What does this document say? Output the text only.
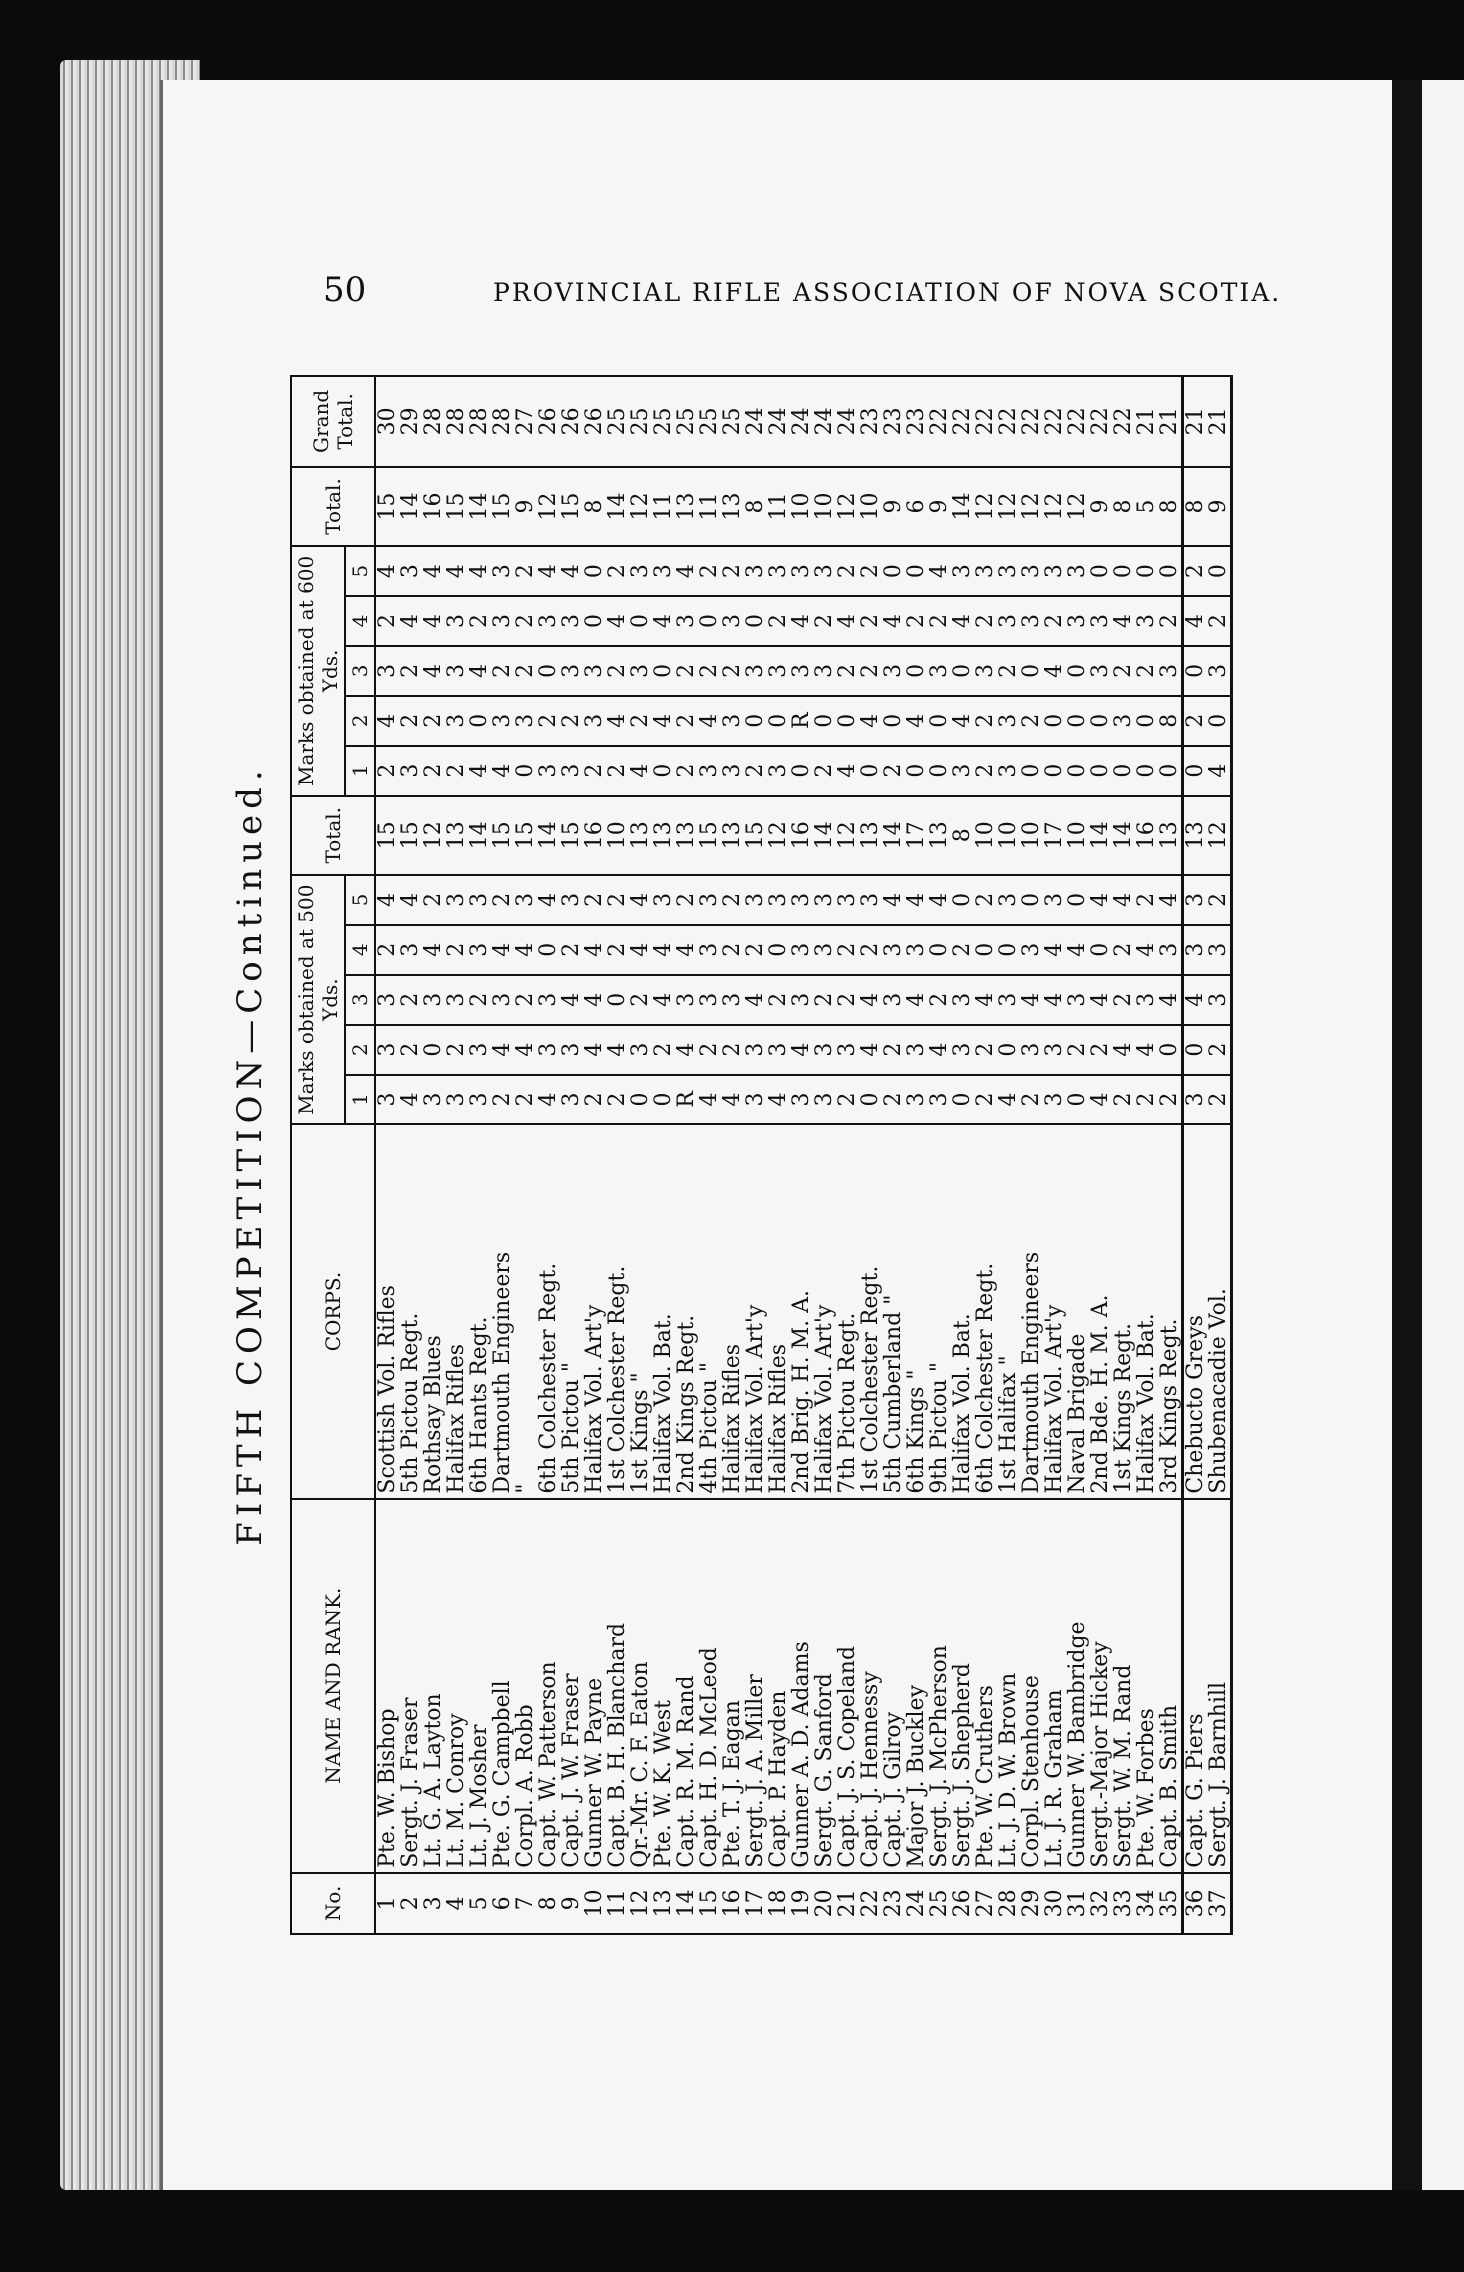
50	PROVINCIAL RIFLE ASSOCIATION OF NOVA SCOTIA.
FIFTH COMPETITION—Continued.
No.	NAME AND RANK.	CORPS.	Marks obtained at 500 Yds.					Total.	Marks obtained at 600 Yds.					Total.	Grand Total.
			1	2	3	4	5		1	2	3	4	5		
1	Pte. W. Bishop	Scottish Vol. Rifles	3	3	3	2	4	15	2	4	3	2	4	15	30
2	Sergt. J. Fraser	5th Pictou Regt.	4	2	2	3	4	15	3	2	2	4	3	14	29
3	Lt. G. A. Layton	Rothsay Blues	3	0	3	4	2	12	2	2	4	4	4	16	28
4	Lt. M. Conroy	Halifax Rifles	3	2	3	2	3	13	2	3	3	3	4	15	28
5	Lt. J. Mosher	6th Hants Regt.	3	3	2	3	3	14	4	0	4	2	4	14	28
6	Pte. G. Campbell	Dartmouth Engineers	2	4	3	4	2	15	4	3	2	3	3	15	28
7	Corpl. A. Robb	"	2	4	2	4	3	15	0	3	2	2	2	9	27
8	Capt. W. Patterson	6th Colchester Regt.	4	3	3	0	4	14	3	2	0	3	4	12	26
9	Capt. J. W. Fraser	5th Pictou "	3	3	4	2	3	15	3	2	3	3	4	15	26
10	Gunner W. Payne	Halifax Vol. Art'y	2	4	4	4	2	16	2	3	3	0	0	8	26
11	Capt. B. H. Blanchard	1st Colchester Regt.	2	4	0	2	2	10	2	4	2	4	2	14	25
12	Qr.-Mr. C. F. Eaton	1st Kings "	0	3	2	4	4	13	4	2	3	0	3	12	25
13	Pte. W. K. West	Halifax Vol. Bat.	0	2	4	4	3	13	0	4	0	4	3	11	25
14	Capt. R. M. Rand	2nd Kings Regt.	R	4	3	4	2	13	2	2	2	3	4	13	25
15	Capt. H. D. McLeod	4th Pictou "	4	2	3	3	3	15	3	4	2	0	2	11	25
16	Pte. T. J. Eagan	Halifax Rifles	4	2	3	2	2	13	3	3	2	3	2	13	25
17	Sergt. J. A. Miller	Halifax Vol. Art'y	3	3	4	2	3	15	2	0	3	0	3	8	24
18	Capt. P. Hayden	Halifax Rifles	4	3	2	0	3	12	3	0	3	2	3	11	24
19	Gunner A. D. Adams	2nd Brig. H. M. A.	3	4	3	3	3	16	0	R	3	4	3	10	24
20	Sergt. G. Sanford	Halifax Vol. Art'y	3	3	2	3	3	14	2	0	3	2	3	10	24
21	Capt. J. S. Copeland	7th Pictou Regt.	2	3	2	2	3	12	4	0	2	4	2	12	24
22	Capt. J. Hennessy	1st Colchester Regt.	0	4	4	2	3	13	0	4	2	2	2	10	23
23	Capt. J. Gilroy	5th Cumberland "	2	2	3	3	4	14	2	0	3	4	0	9	23
24	Major J. Buckley	6th Kings "	3	3	4	3	4	17	0	4	0	2	0	6	23
25	Sergt. J. McPherson	9th Pictou "	3	4	2	0	4	13	0	0	3	2	4	9	22
26	Sergt. J. Shepherd	Halifax Vol. Bat.	0	3	3	2	0	8	3	4	0	4	3	14	22
27	Pte. W. Cruthers	6th Colchester Regt.	2	2	4	0	2	10	2	2	3	2	3	12	22
28	Lt. J. D. W. Brown	1st Halifax "	4	0	3	0	3	10	3	3	2	3	3	12	22
29	Corpl. Stenhouse	Dartmouth Engineers	2	3	4	3	0	10	0	2	0	3	3	12	22
30	Lt. J. R. Graham	Halifax Vol. Art'y	3	3	4	4	3	17	0	0	4	2	3	12	22
31	Gunner W. Bambridge	Naval Brigade	0	2	3	4	0	10	0	0	0	3	3	12	22
32	Sergt.-Major Hickey	2nd Bde. H. M. A.	4	2	4	0	4	14	0	0	3	3	0	9	22
33	Sergt. W. M. Rand	1st Kings Regt.	2	4	2	2	4	14	0	3	2	4	0	8	22
34	Pte. W. Forbes	Halifax Vol. Bat.	2	4	3	4	2	16	0	0	2	3	0	5	21
35	Capt. B. Smith	3rd Kings Regt.	2	0	4	3	4	13	0	8	3	2	0	8	21
36	Capt. G. Piers	Chebucto Greys	3	0	4	3	3	13	0	2	0	4	2	8	21
37	Sergt. J. Barnhill	Shubenacadie Vol.	2	2	3	3	2	12	4	0	3	2	0	9	21
